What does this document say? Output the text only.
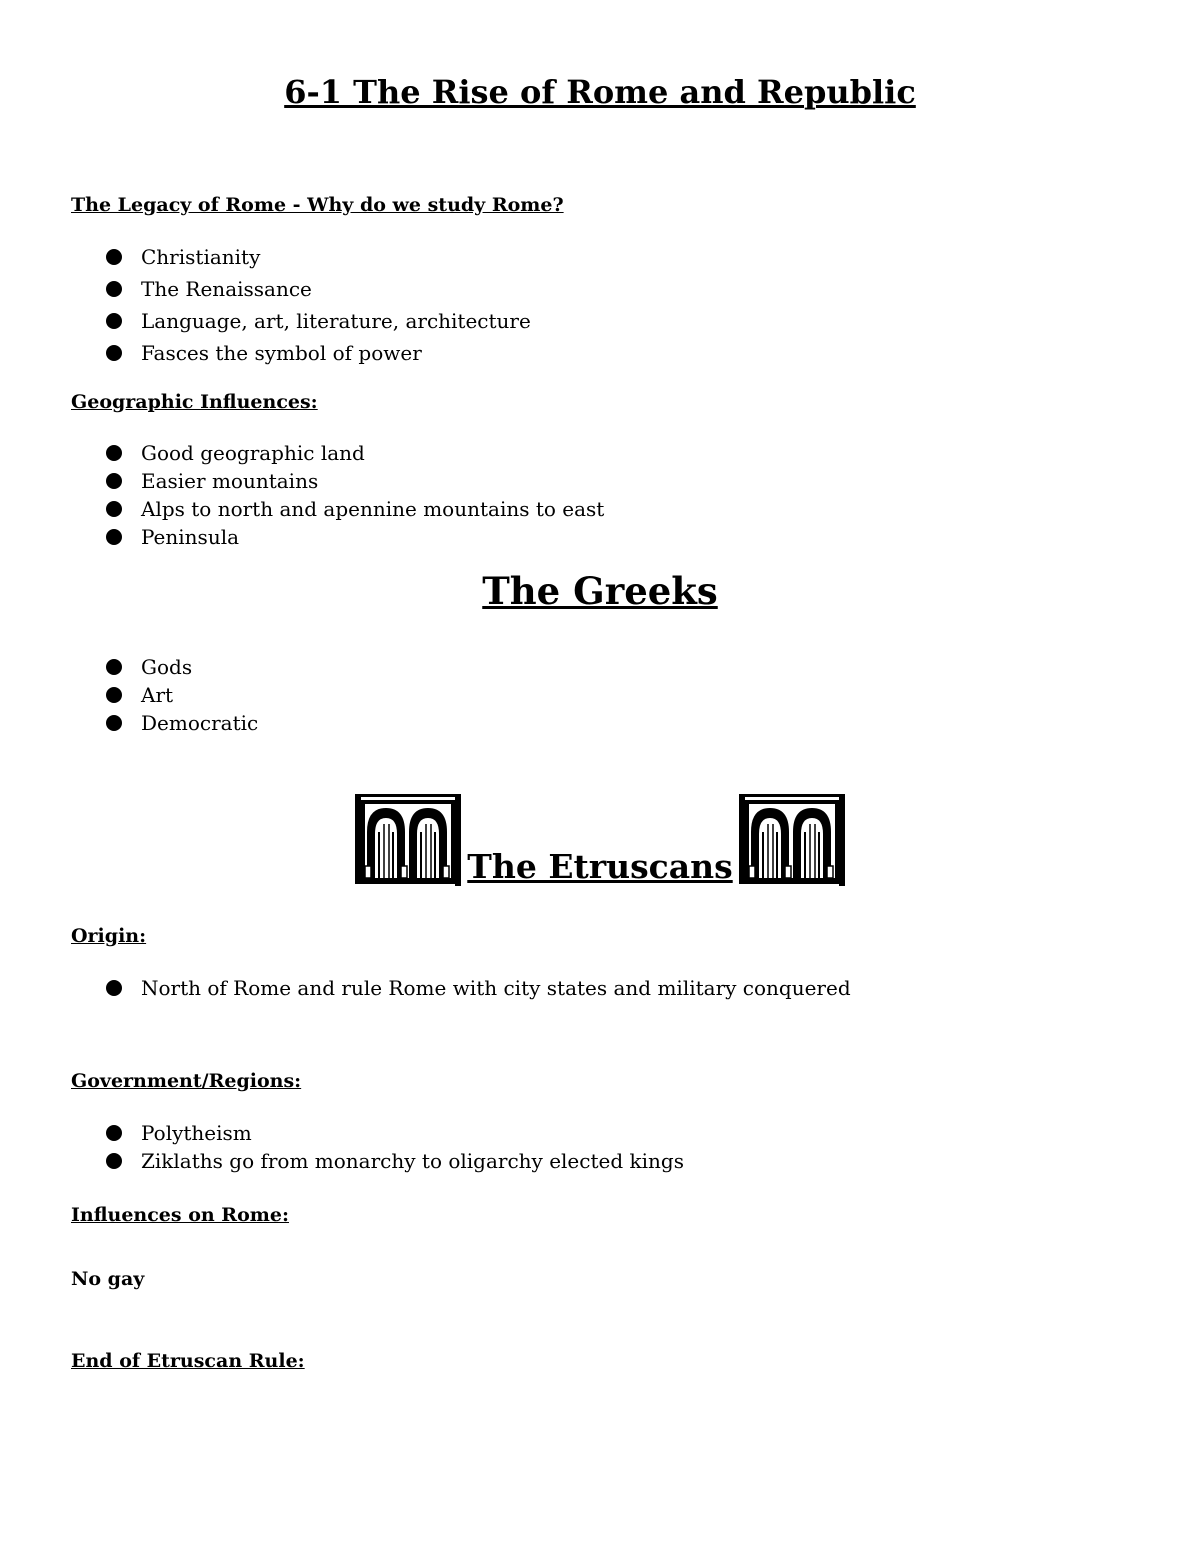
6-1 The Rise of Rome and Republic
The Legacy of Rome - Why do we study Rome?
Christianity
The Renaissance
Language, art, literature, architecture
Fasces the symbol of power
Geographic Influences:
Good geographic land
Easier mountains
Alps to north and apennine mountains to east
Peninsula
The Greeks
Gods
Art
Democratic
The Etruscans
Origin:
North of Rome and rule Rome with city states and military conquered
Government/Regions:
Polytheism
Ziklaths go from monarchy to oligarchy elected kings
Influences on Rome:

No gay

End of Etruscan Rule:
